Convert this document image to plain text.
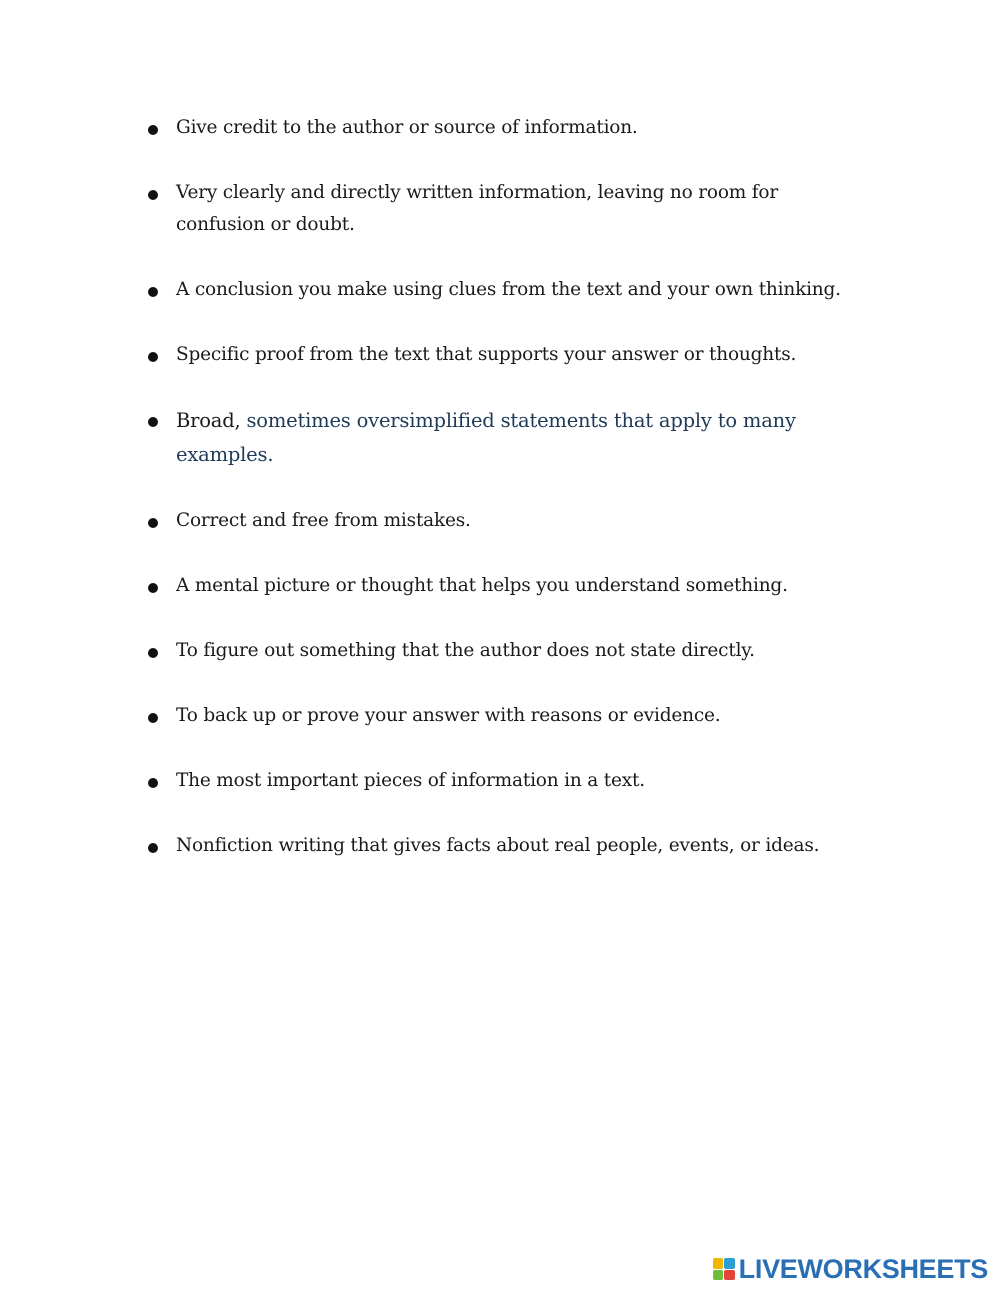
Give credit to the author or source of information.
Very clearly and directly written information, leaving no room for confusion or doubt.
A conclusion you make using clues from the text and your own thinking.
Specific proof from the text that supports your answer or thoughts.
Broad, sometimes oversimplified statements that apply to many examples.
Correct and free from mistakes.
A mental picture or thought that helps you understand something.
To figure out something that the author does not state directly.
To back up or prove your answer with reasons or evidence.
The most important pieces of information in a text.
Nonfiction writing that gives facts about real people, events, or ideas.
LIVEWORKSHEETS
